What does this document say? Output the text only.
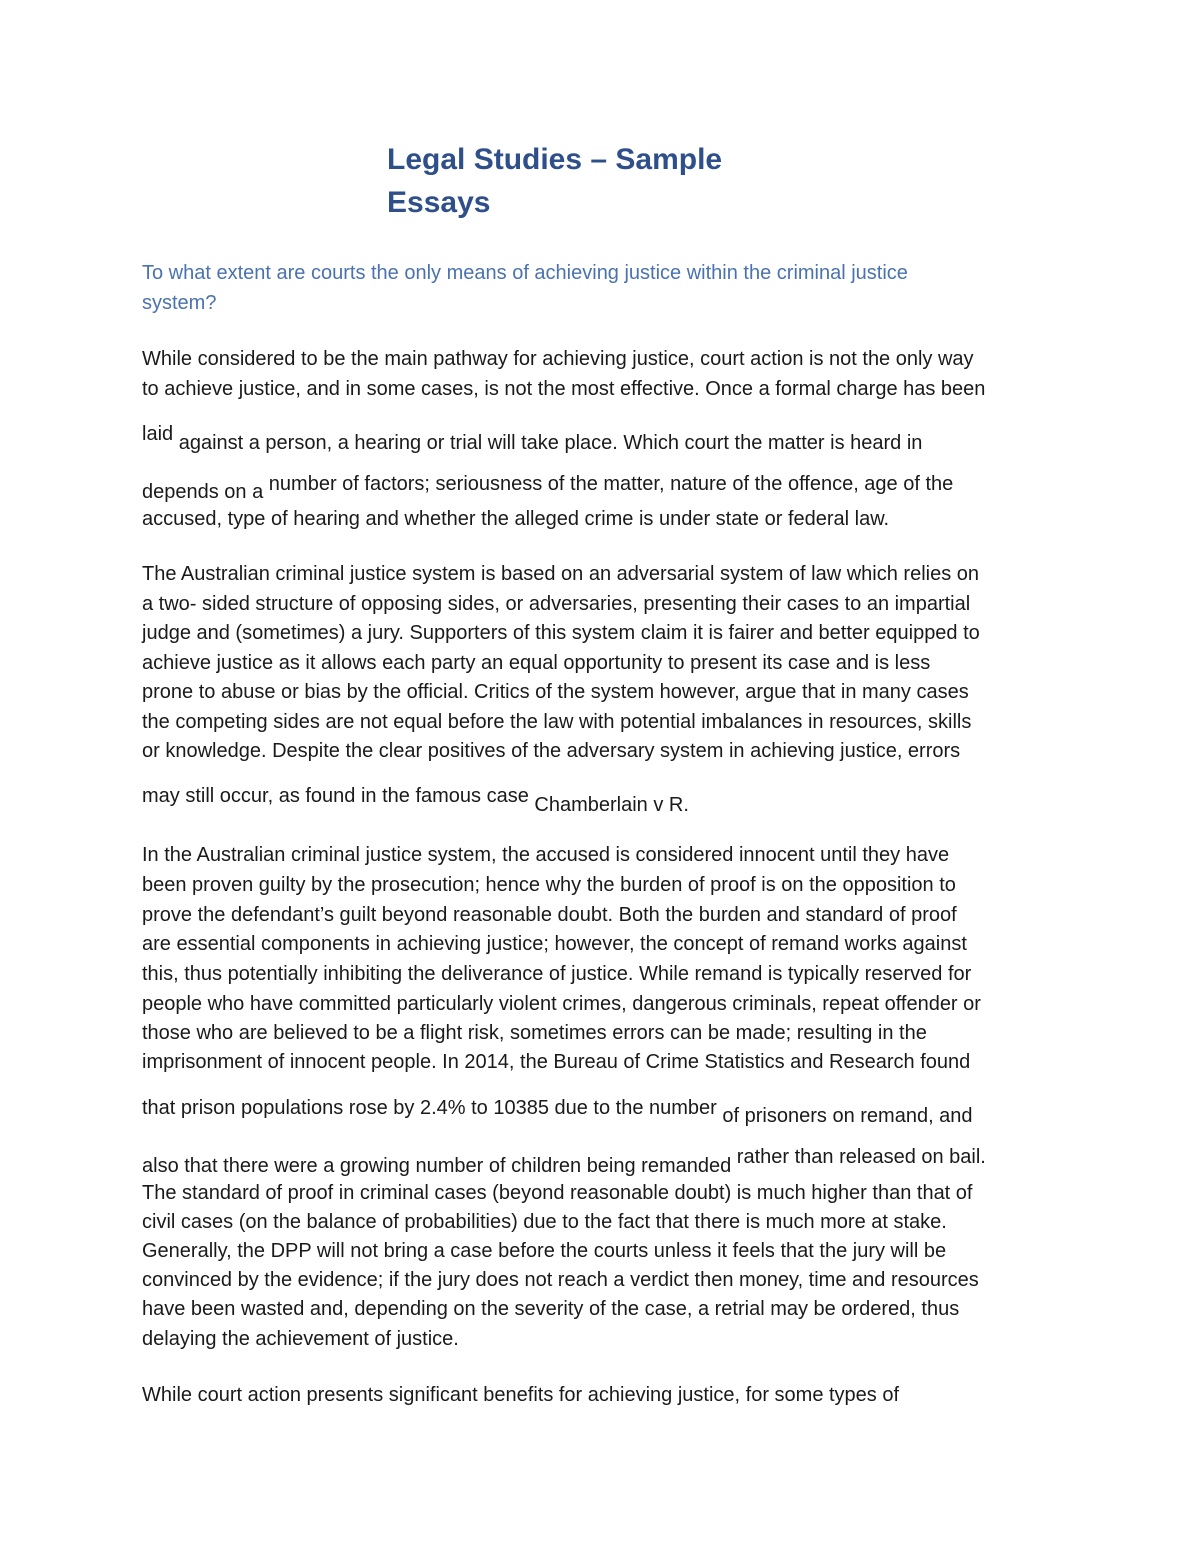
Legal Studies – Sample
Essays

To what extent are courts the only means of achieving justice within the criminal justice
system?

While considered to be the main pathway for achieving justice, court action is not the only way

to achieve justice, and in some cases, is not the most effective. Once a formal charge has been

laid against a person, a hearing or trial will take place. Which court the matter is heard in

depends on a number of factors; seriousness of the matter, nature of the offence, age of the

accused, type of hearing and whether the alleged crime is under state or federal law.

The Australian criminal justice system is based on an adversarial system of law which relies on

a two- sided structure of opposing sides, or adversaries, presenting their cases to an impartial

judge and (sometimes) a jury. Supporters of this system claim it is fairer and better equipped to

achieve justice as it allows each party an equal opportunity to present its case and is less

prone to abuse or bias by the official. Critics of the system however, argue that in many cases

the competing sides are not equal before the law with potential imbalances in resources, skills

or knowledge. Despite the clear positives of the adversary system in achieving justice, errors

may still occur, as found in the famous case Chamberlain v R.

In the Australian criminal justice system, the accused is considered innocent until they have

been proven guilty by the prosecution; hence why the burden of proof is on the opposition to

prove the defendant’s guilt beyond reasonable doubt. Both the burden and standard of proof

are essential components in achieving justice; however, the concept of remand works against

this, thus potentially inhibiting the deliverance of justice. While remand is typically reserved for

people who have committed particularly violent crimes, dangerous criminals, repeat offender or

those who are believed to be a flight risk, sometimes errors can be made; resulting in the

imprisonment of innocent people. In 2014, the Bureau of Crime Statistics and Research found

that prison populations rose by 2.4% to 10385 due to the number of prisoners on remand, and

also that there were a growing number of children being remanded rather than released on bail.

The standard of proof in criminal cases (beyond reasonable doubt) is much higher than that of

civil cases (on the balance of probabilities) due to the fact that there is much more at stake.

Generally, the DPP will not bring a case before the courts unless it feels that the jury will be

convinced by the evidence; if the jury does not reach a verdict then money, time and resources

have been wasted and, depending on the severity of the case, a retrial may be ordered, thus

delaying the achievement of justice.

While court action presents significant benefits for achieving justice, for some types of
